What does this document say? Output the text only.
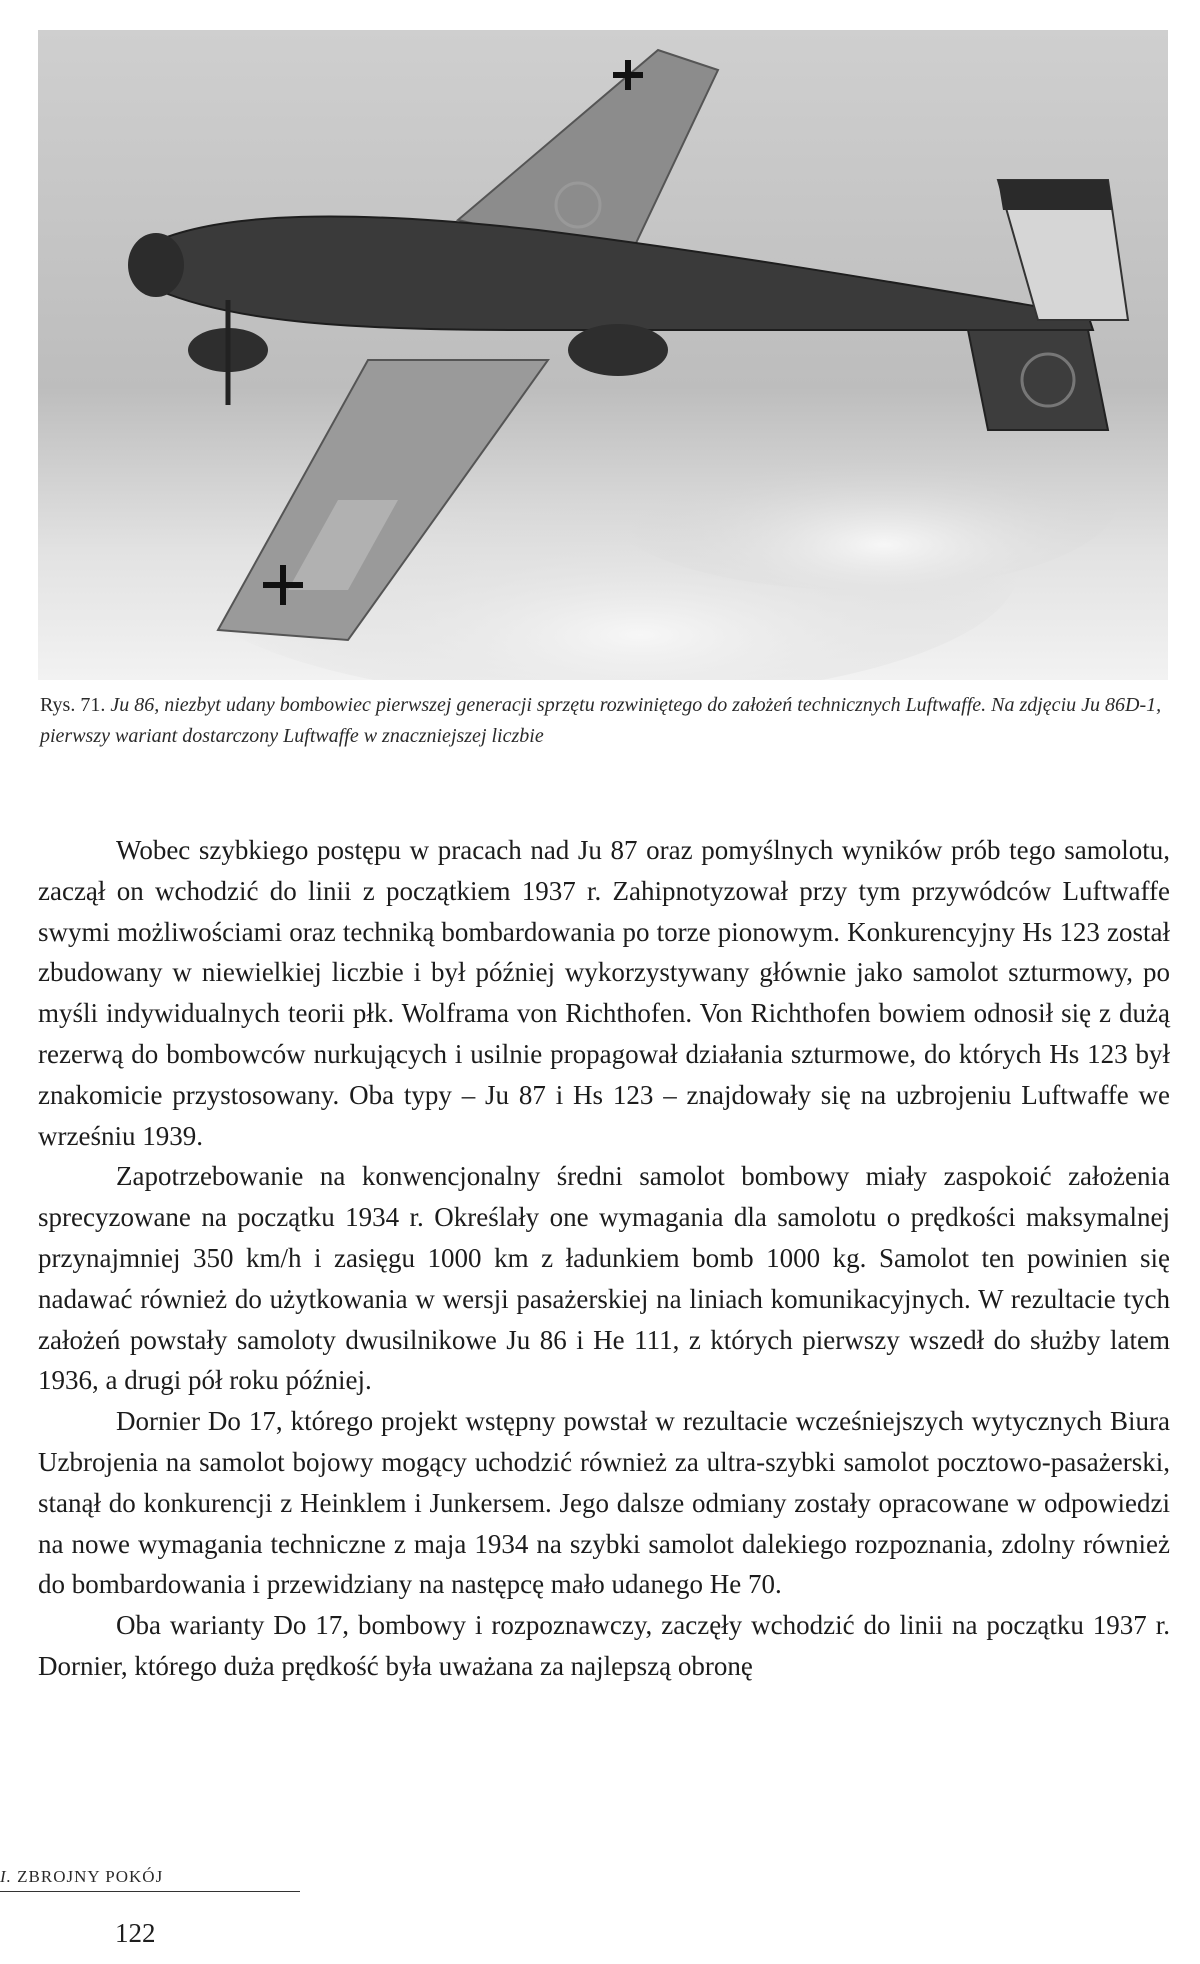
Rys. 71. Ju 86, niezbyt udany bombowiec pierwszej generacji sprzętu rozwiniętego do założeń technicznych Luftwaffe. Na zdjęciu Ju 86D-1, pierwszy wariant dostarczony Luftwaffe w znaczniejszej liczbie

Wobec szybkiego postępu w pracach nad Ju 87 oraz pomyślnych wyników prób tego samolotu, zaczął on wchodzić do linii z początkiem 1937 r. Zahipnotyzował przy tym przywódców Luftwaffe swymi możliwościami oraz techniką bombardowania po torze pionowym. Konkurencyjny Hs 123 został zbudowany w niewielkiej liczbie i był później wykorzystywany głównie jako samolot szturmowy, po myśli indywidualnych teorii płk. Wolframa von Richthofen. Von Richthofen bowiem odnosił się z dużą rezerwą do bombowców nurkujących i usilnie propagował działania szturmowe, do których Hs 123 był znakomicie przystosowany. Oba typy – Ju 87 i Hs 123 – znajdowały się na uzbrojeniu Luftwaffe we wrześniu 1939.

Zapotrzebowanie na konwencjonalny średni samolot bombowy miały zaspokoić założenia sprecyzowane na początku 1934 r. Określały one wymagania dla samolotu o prędkości maksymalnej przynajmniej 350 km/h i zasięgu 1000 km z ładunkiem bomb 1000 kg. Samolot ten powinien się nadawać również do użytkowania w wersji pasażerskiej na liniach komunikacyjnych. W rezultacie tych założeń powstały samoloty dwusilnikowe Ju 86 i He 111, z których pierwszy wszedł do służby latem 1936, a drugi pół roku później.

Dornier Do 17, którego projekt wstępny powstał w rezultacie wcześniejszych wytycznych Biura Uzbrojenia na samolot bojowy mogący uchodzić również za ultra-szybki samolot pocztowo-pasażerski, stanął do konkurencji z Heinklem i Junkersem. Jego dalsze odmiany zostały opracowane w odpowiedzi na nowe wymagania techniczne z maja 1934 na szybki samolot dalekiego rozpoznania, zdolny również do bombardowania i przewidziany na następcę mało udanego He 70.

Oba warianty Do 17, bombowy i rozpoznawczy, zaczęły wchodzić do linii na początku 1937 r. Dornier, którego duża prędkość była uważana za najlepszą obronę

I. ZBROJNY POKÓJ
122
